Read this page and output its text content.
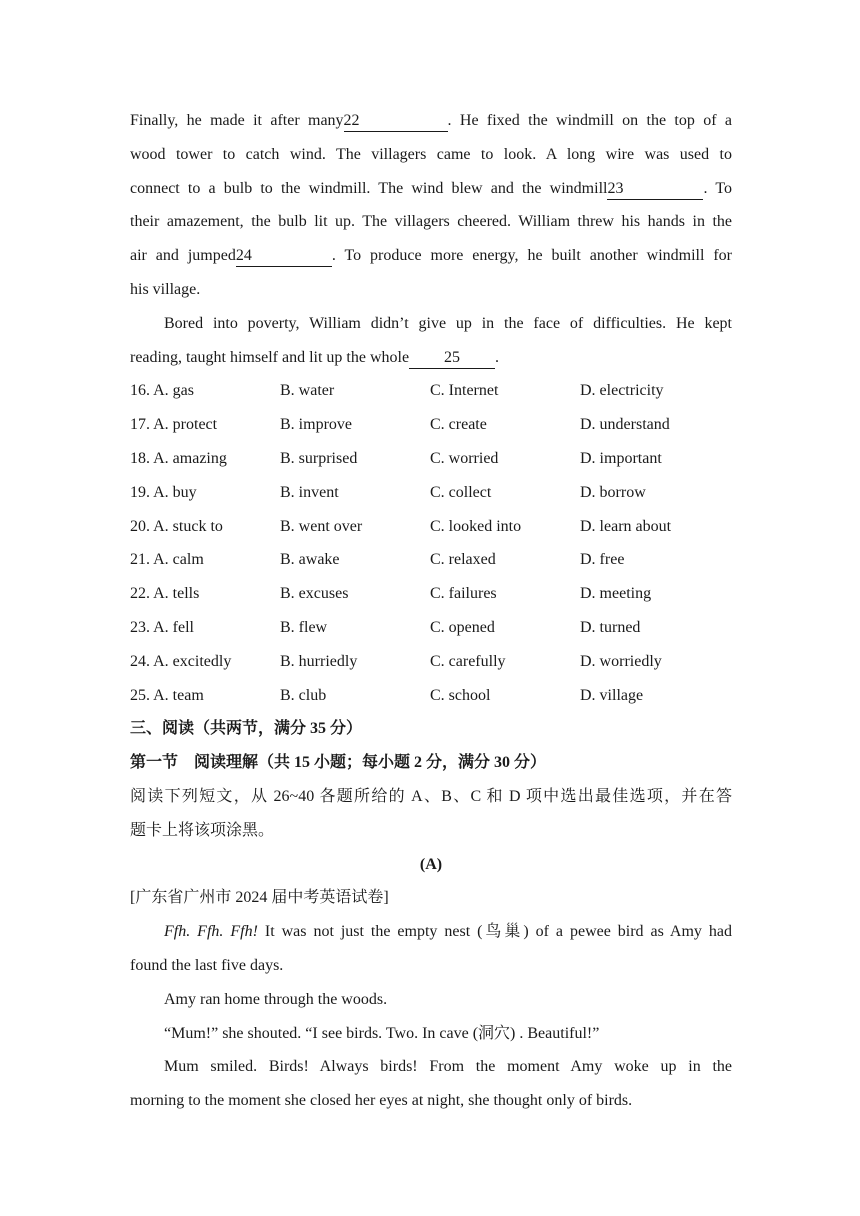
Finally, he made it after many22	. He fixed the windmill on the top of a
wood tower to catch wind. The villagers came to look. A long wire was used to
connect to a bulb to the windmill. The wind blew and the windmill23	. To
their amazement, the bulb lit up. The villagers cheered. William threw his hands in the
air and jumped24	. To produce more energy, he built another windmill for
his village.
Bored into poverty, William didn’t give up in the face of difficulties. He kept
reading, taught himself and lit up the whole 25 .
16. A. gas	B. water	C. Internet	D. electricity
17. A. protect	B. improve	C. create	D. understand
18. A. amazing	B. surprised	C. worried	D. important
19. A. buy	B. invent	C. collect	D. borrow
20. A. stuck to	B. went over	C. looked into	D. learn about
21. A. calm	B. awake	C. relaxed	D. free
22. A. tells	B. excuses	C. failures	D. meeting
23. A. fell	B. flew	C. opened	D. turned
24. A. excitedly	B. hurriedly	C. carefully	D. worriedly
25. A. team	B. club	C. school	D. village
三、阅读（共两节，满分 35 分）
第一节    阅读理解（共 15 小题；每小题 2 分，满分 30 分）
阅读下列短文，从 26~40 各题所给的 A、B、C 和 D 项中选出最佳选项，并在答
题卡上将该项涂黑。
(A)
[广东省广州市 2024 届中考英语试卷]
Ffh. Ffh. Ffh! It was not just the empty nest (鸟巢) of a pewee bird as Amy had
found the last five days.
Amy ran home through the woods.
“Mum!” she shouted. “I see birds. Two. In cave (洞穴) . Beautiful!”
Mum smiled. Birds! Always birds! From the moment Amy woke up in the
morning to the moment she closed her eyes at night, she thought only of birds.
